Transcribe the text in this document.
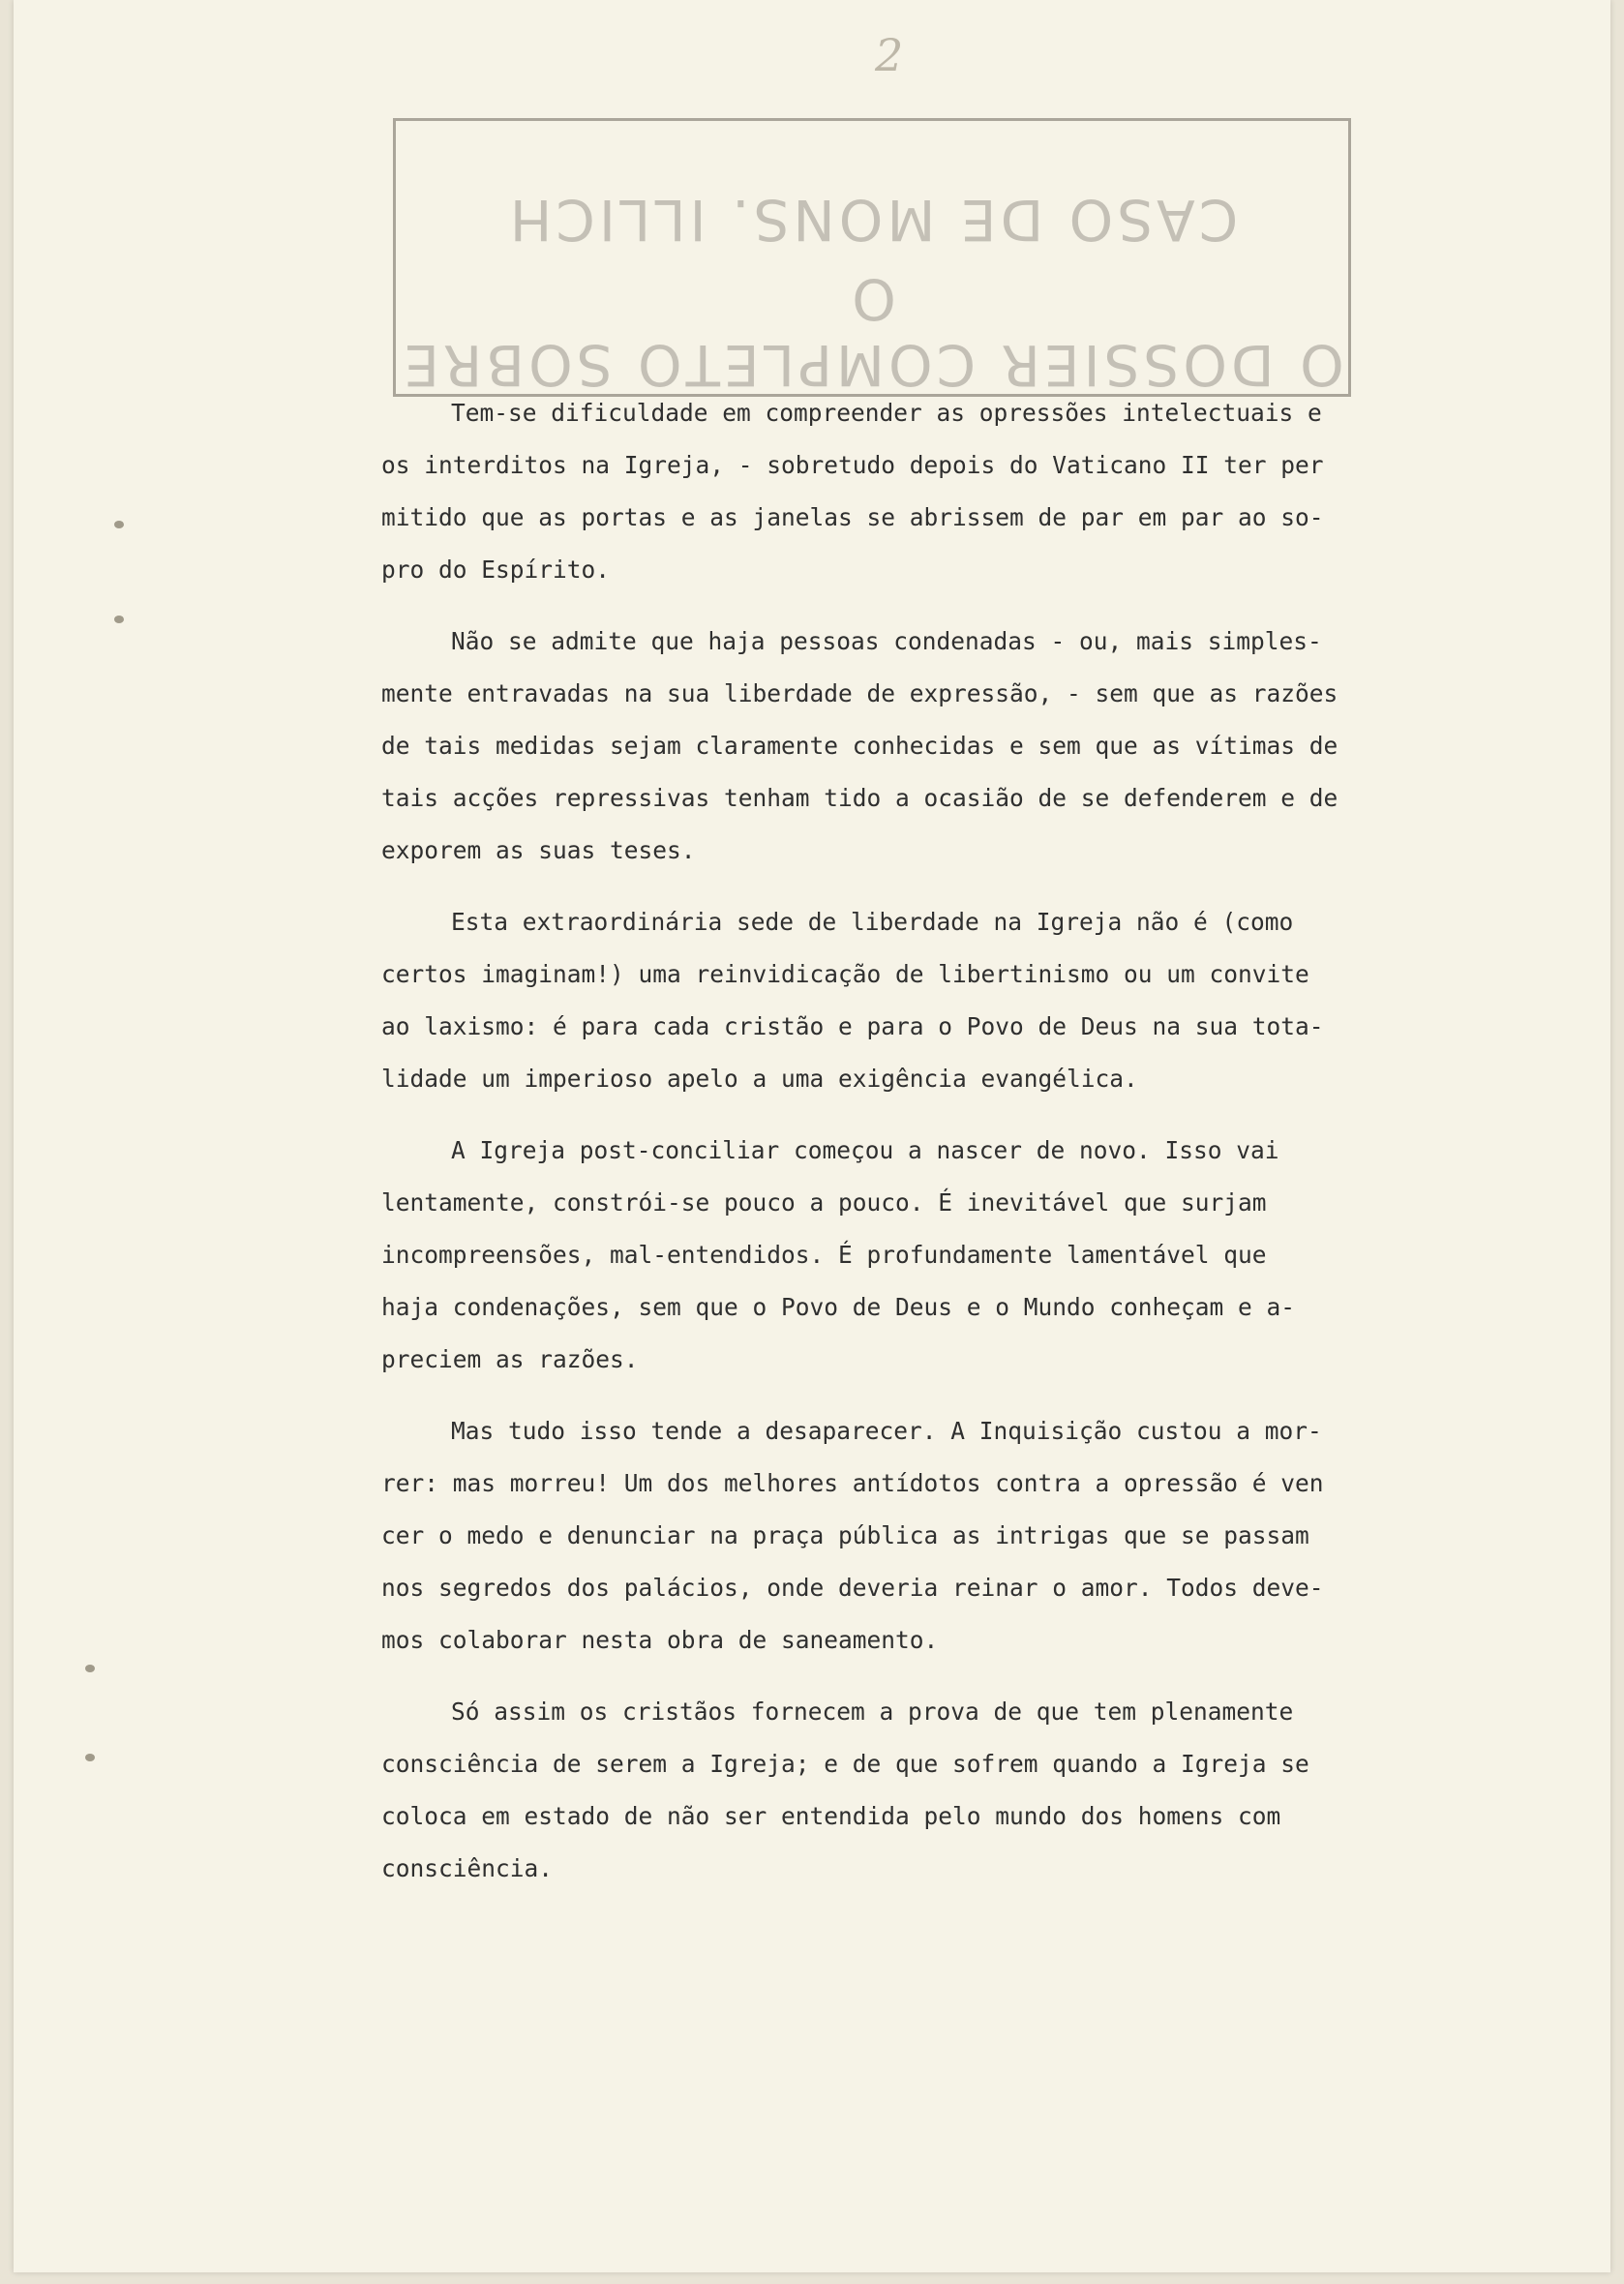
2
O DOSSIER COMPLETO SOBRE O
CASO DE MONS. ILLICH

Tem-se dificuldade em compreender as opressões intelectuais e
os interditos na Igreja, - sobretudo depois do Vaticano II ter per
mitido que as portas e as janelas se abrissem de par em par ao so-
pro do Espírito.

Não se admite que haja pessoas condenadas - ou, mais simples-
mente entravadas na sua liberdade de expressão, - sem que as razões
de tais medidas sejam claramente conhecidas e sem que as vítimas de
tais acções repressivas tenham tido a ocasião de se defenderem e de
exporem as suas teses.

Esta extraordinária sede de liberdade na Igreja não é (como
certos imaginam!) uma reinvidicação de libertinismo ou um convite
ao laxismo: é para cada cristão e para o Povo de Deus na sua tota-
lidade um imperioso apelo a uma exigência evangélica.

A Igreja post-conciliar começou a nascer de novo. Isso vai
lentamente, constrói-se pouco a pouco. É inevitável que surjam
incompreensões, mal-entendidos. É profundamente lamentável que
haja condenações, sem que o Povo de Deus e o Mundo conheçam e a-
preciem as razões.

Mas tudo isso tende a desaparecer. A Inquisição custou a mor-
rer: mas morreu! Um dos melhores antídotos contra a opressão é ven
cer o medo e denunciar na praça pública as intrigas que se passam
nos segredos dos palácios, onde deveria reinar o amor. Todos deve-
mos colaborar nesta obra de saneamento.

Só assim os cristãos fornecem a prova de que tem plenamente
consciência de serem a Igreja; e de que sofrem quando a Igreja se
coloca em estado de não ser entendida pelo mundo dos homens com
consciência.
